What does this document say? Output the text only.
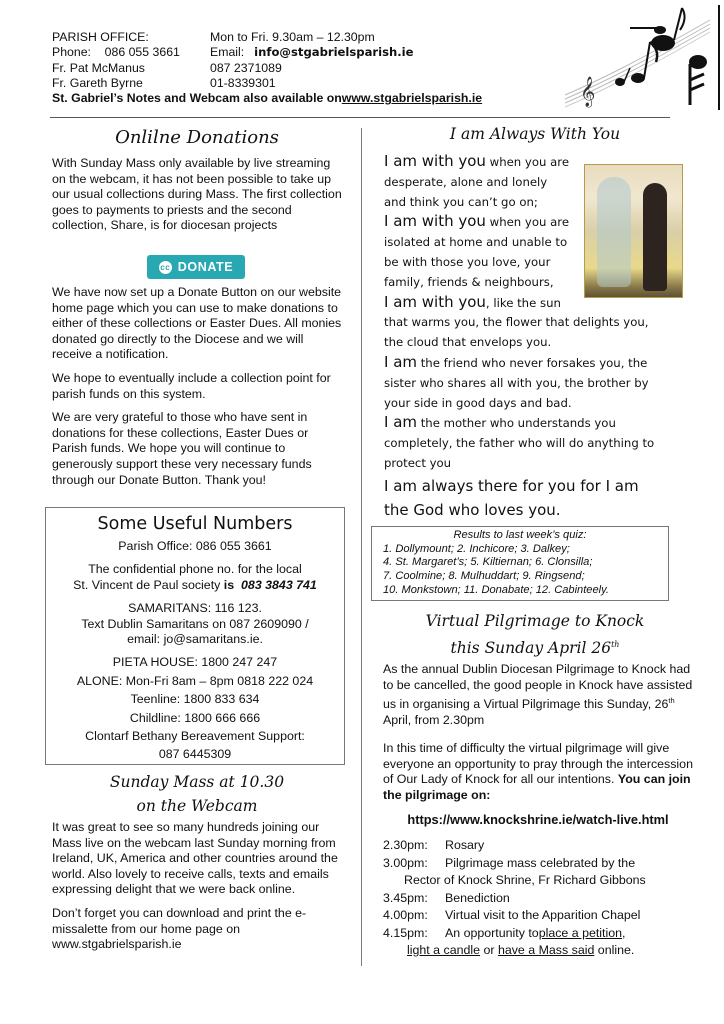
PARISH OFFICE:	Mon to Fri. 9.30am – 12.30pm
Phone: 086 055 3661	Email: info@stgabrielsparish.ie
Fr. Pat McManus	087 2371089
Fr. Gareth Byrne	01-8339301
St. Gabriel’s Notes and Webcam also available on www.stgabrielsparish.ie	𝄞
Onlilne Donations

With Sunday Mass only available by live streaming on the webcam, it has not been possible to take up our usual collections during Mass. The first collection goes to payments to priests and the second collection, Share, is for diocesan projects

cc DONATE

We have now set up a Donate Button on our website home page which you can use to make donations to either of these collections or Easter Dues. All monies donated go directly to the Diocese and we will receive a notification.

We hope to eventually include a collection point for parish funds on this system.

We are very grateful to those who have sent in donations for these collections, Easter Dues or Parish funds. We hope you will continue to generously support these very necessary funds through our Donate Button. Thank you!

Some Useful Numbers

Parish Office: 086 055 3661

The confidential phone no. for the local

St. Vincent de Paul society is 083 3843 741

SAMARITANS: 116 123.

Text Dublin Samaritans on 087 2609090 /

email: jo@samaritans.ie.

PIETA HOUSE: 1800 247 247

ALONE: Mon-Fri 8am – 8pm 0818 222 024

Teenline: 1800 833 634

Childline: 1800 666 666

Clontarf Bethany Bereavement Support:

087 6445309

Sunday Mass at 10.30
on the Webcam

It was great to see so many hundreds joining our Mass live on the webcam last Sunday morning from Ireland, UK, America and other countries around the world. Also lovely to receive calls, texts and emails expressing delight that we were back online.

Don’t forget you can download and print the e-missalette from our home page on www.stgabrielsparish.ie

I am Always With You

I am with you when you are

desperate, alone and lonely

and think you can’t go on;

I am with you when you are

isolated at home and unable to

be with those you love, your

family, friends & neighbours,

I am with you, like the sun

that warms you, the flower that delights you,

the cloud that envelops you.

I am the friend who never forsakes you, the

sister who shares all with you, the brother by

your side in good days and bad.

I am the mother who understands you

completely, the father who will do anything to

protect you

I am always there for you for I am

the God who loves you.

Results to last week’s quiz:
1. Dollymount; 2. Inchicore; 3. Dalkey;
4. St. Margaret’s; 5. Kiltiernan; 6. Clonsilla;
7. Coolmine; 8. Mulhuddart; 9. Ringsend;
10. Monkstown; 11. Donabate; 12. Cabinteely.
Virtual Pilgrimage to Knock
this Sunday April 26th

As the annual Dublin Diocesan Pilgrimage to Knock had to be cancelled, the good people in Knock have assisted us in organising a Virtual Pilgrimage this Sunday, 26th April, from 2.30pm

In this time of difficulty the virtual pilgrimage will give everyone an opportunity to pray through the intercession of Our Lady of Knock for all our intentions. You can join the pilgrimage on:

https://www.knockshrine.ie/watch-live.html
2.30pm:	Rosary
3.00pm:	Pilgrimage mass celebrated by the
Rector of Knock Shrine, Fr Richard Gibbons
3.45pm:	Benediction
4.00pm:	Virtual visit to the Apparition Chapel
4.15pm:	An opportunity to place a petition ,
light a candle or have a Mass said online.
